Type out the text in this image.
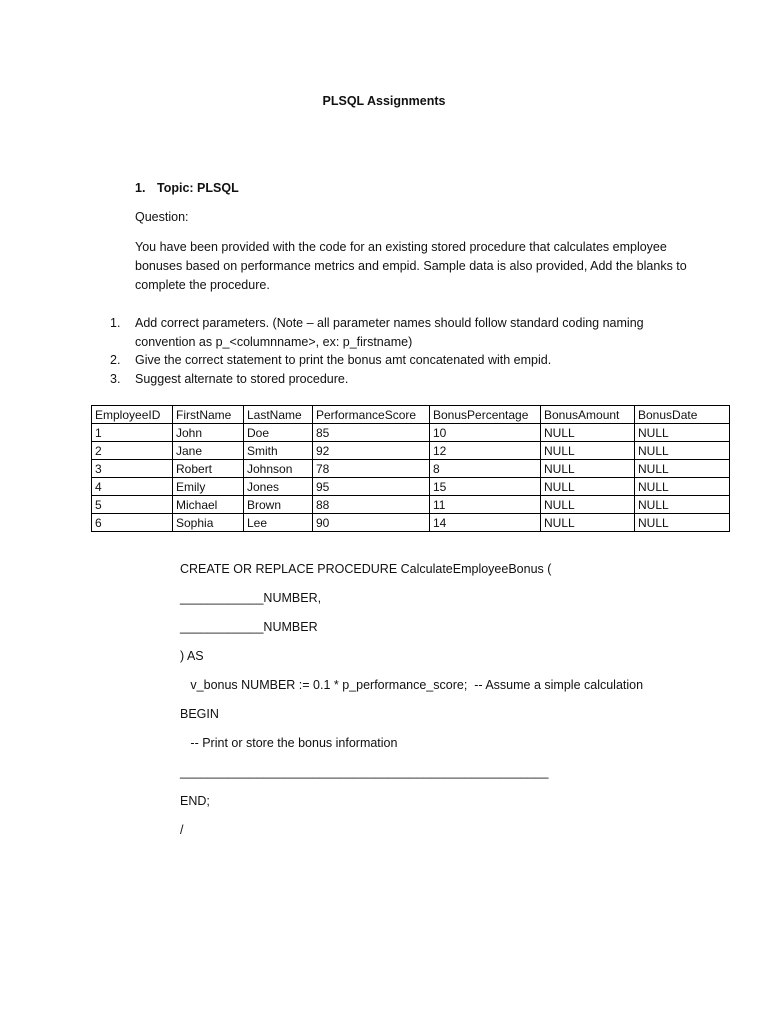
PLSQL Assignments
1. Topic: PLSQL
Question:
You have been provided with the code for an existing stored procedure that calculates employee bonuses based on performance metrics and empid. Sample data is also provided, Add the blanks to complete the procedure.
1.	Add correct parameters. (Note – all parameter names should follow standard coding naming convention as p_<columnname>, ex: p_firstname)
2.	Give the correct statement to print the bonus amt concatenated with empid.
3.	Suggest alternate to stored procedure.
EmployeeID	FirstName	LastName	PerformanceScore	BonusPercentage	BonusAmount	BonusDate
1	John	Doe	85	10	NULL	NULL
2	Jane	Smith	92	12	NULL	NULL
3	Robert	Johnson	78	8	NULL	NULL
4	Emily	Jones	95	15	NULL	NULL
5	Michael	Brown	88	11	NULL	NULL
6	Sophia	Lee	90	14	NULL	NULL
CREATE OR REPLACE PROCEDURE CalculateEmployeeBonus (
____________NUMBER,
____________NUMBER
) AS
v_bonus NUMBER := 0.1 * p_performance_score;  -- Assume a simple calculation
BEGIN
-- Print or store the bonus information
_____________________________________________________
END;
/
